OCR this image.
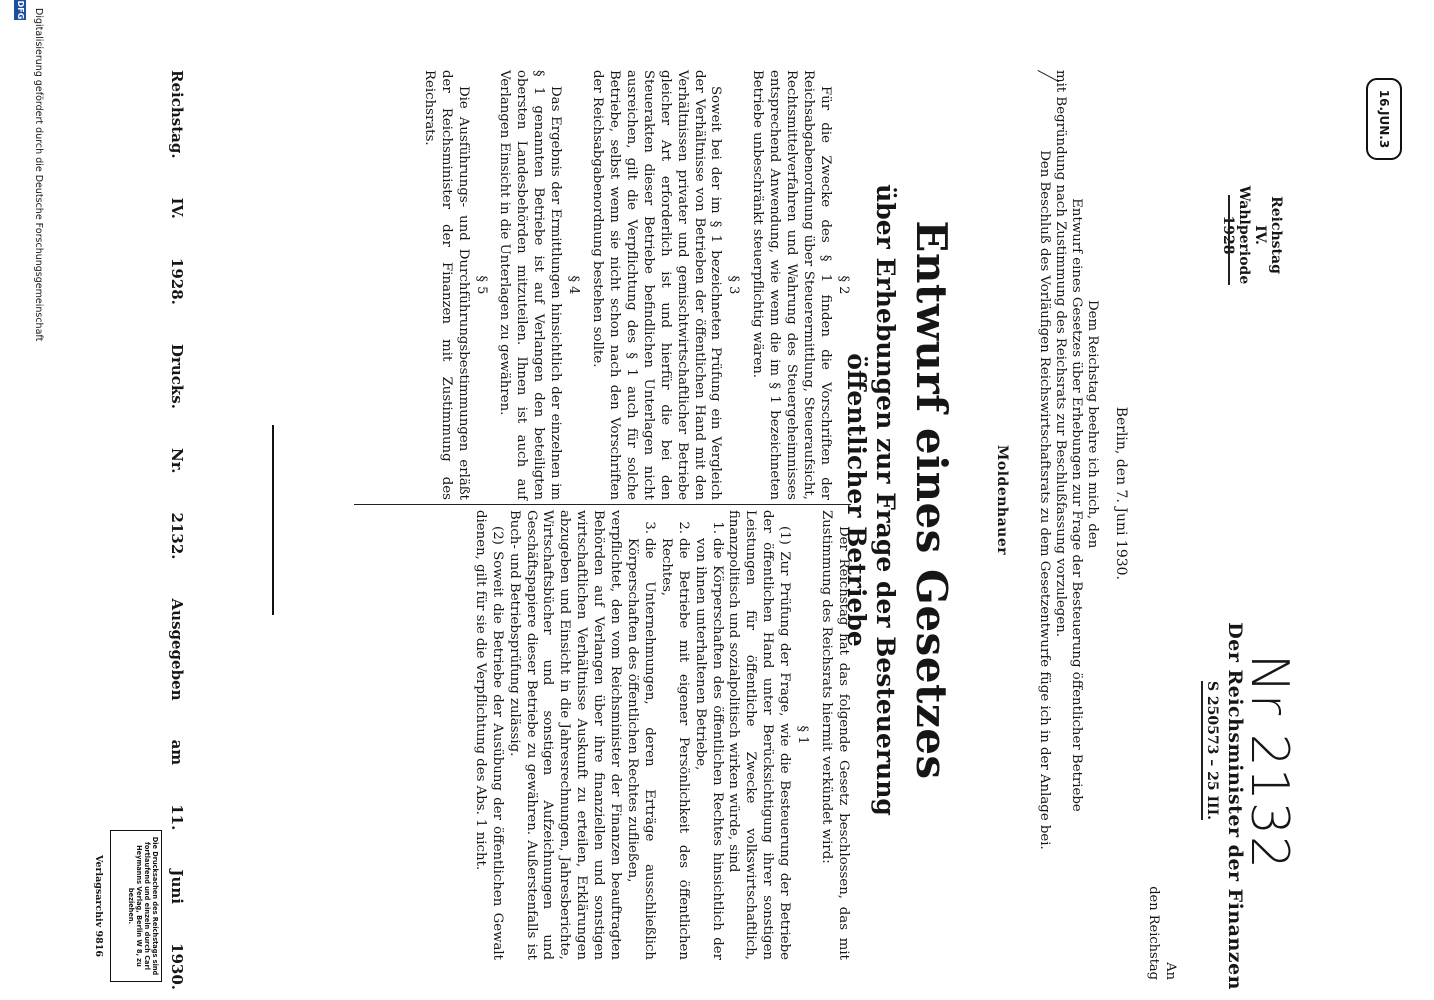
16.JUN.3
Nr 2132
Reichstag
IV. Wahlperiode
1928
Der Reichsminister der Finanzen
S 250573 – 25 III.
An
den Reichstag
Berlin, den 7. Juni 1930.
Dem Reichstag beehre ich mich, den
Entwurf eines Gesetzes über Erhebungen zur Frage der Besteuerung öffentlicher Betriebe
mit Begründung nach Zustimmung des Reichsrats zur Beschlußfassung vorzulegen.
Den Beschluß des Vorläufigen Reichswirtschaftsrats zu dem Gesetzentwurfe füge ich in der Anlage bei.
Moldenhauer
Entwurf eines Gesetzes
über Erhebungen zur Frage der Besteuerung öffentlicher Betriebe

Der Reichstag hat das folgende Gesetz beschlossen, das mit Zustimmung des Reichsrats hiermit verkündet wird:

§ 1

(1) Zur Prüfung der Frage, wie die Besteuerung der Betriebe der öffentlichen Hand unter Berücksichtigung ihrer sonstigen Leistungen für öffentliche Zwecke volkswirtschaftlich, finanzpolitisch und sozialpolitisch wirken würde, sind

1.
die Körperschaften des öffentlichen Rechtes hinsichtlich der von ihnen unterhaltenen Betriebe,
2.
die Betriebe mit eigener Persönlichkeit des öffentlichen Rechtes,
3.
die Unternehmungen, deren Erträge ausschließlich Körperschaften des öffentlichen Rechtes zufließen,

verpflichtet, den vom Reichsminister der Finanzen beauftragten Behörden auf Verlangen über ihre finanziellen und sonstigen wirtschaftlichen Verhältnisse Auskunft zu erteilen, Erklärungen abzugeben und Einsicht in die Jahresrechnungen, Jahresberichte, Wirtschaftsbücher und sonstigen Aufzeichnungen und Geschäftspapiere dieser Betriebe zu gewähren. Außerstenfalls ist Buch- und Betriebsprüfung zulässig.

(2) Soweit die Betriebe der Ausübung der öffentlichen Gewalt dienen, gilt für sie die Verpflichtung des Abs. 1 nicht.

§ 2

Für die Zwecke des § 1 finden die Vorschriften der Reichsabgabenordnung über Steuerermittlung, Steueraufsicht, Rechtsmittelverfahren und Wahrung des Steuergeheimnisses entsprechend Anwendung, wie wenn die im § 1 bezeichneten Betriebe unbeschränkt steuerpflichtig wären.

§ 3

Soweit bei der im § 1 bezeichneten Prüfung ein Vergleich der Verhältnisse von Betrieben der öffentlichen Hand mit den Verhältnissen privater und gemischtwirtschaftlicher Betriebe gleicher Art erforderlich ist und hierfür die bei den Steuerakten dieser Betriebe befindlichen Unterlagen nicht ausreichen, gilt die Verpflichtung des § 1 auch für solche Betriebe, selbst wenn sie nicht schon nach den Vorschriften der Reichsabgabenordnung bestehen sollte.

§ 4

Das Ergebnis der Ermittlungen hinsichtlich der einzelnen im § 1 genannten Betriebe ist auf Verlangen den beteiligten obersten Landesbehörden mitzuteilen. Ihnen ist auch auf Verlangen Einsicht in die Unterlagen zu gewähren.

§ 5

Die Ausführungs- und Durchführungsbestimmungen erläßt der Reichsminister der Finanzen mit Zustimmung des Reichsrats.

Reichstag. IV. 1928. Drucks. Nr. 2132. Ausgegeben am 11. Juni 1930.
Die Drucksachen des Reichstags sind fortlaufend und einzeln durch Carl Heymanns Verlag, Berlin W 8, zu beziehen.
Verlagsarchiv 9816
DFG Digitalisierung gefördert durch die Deutsche Forschungsgemeinschaft
